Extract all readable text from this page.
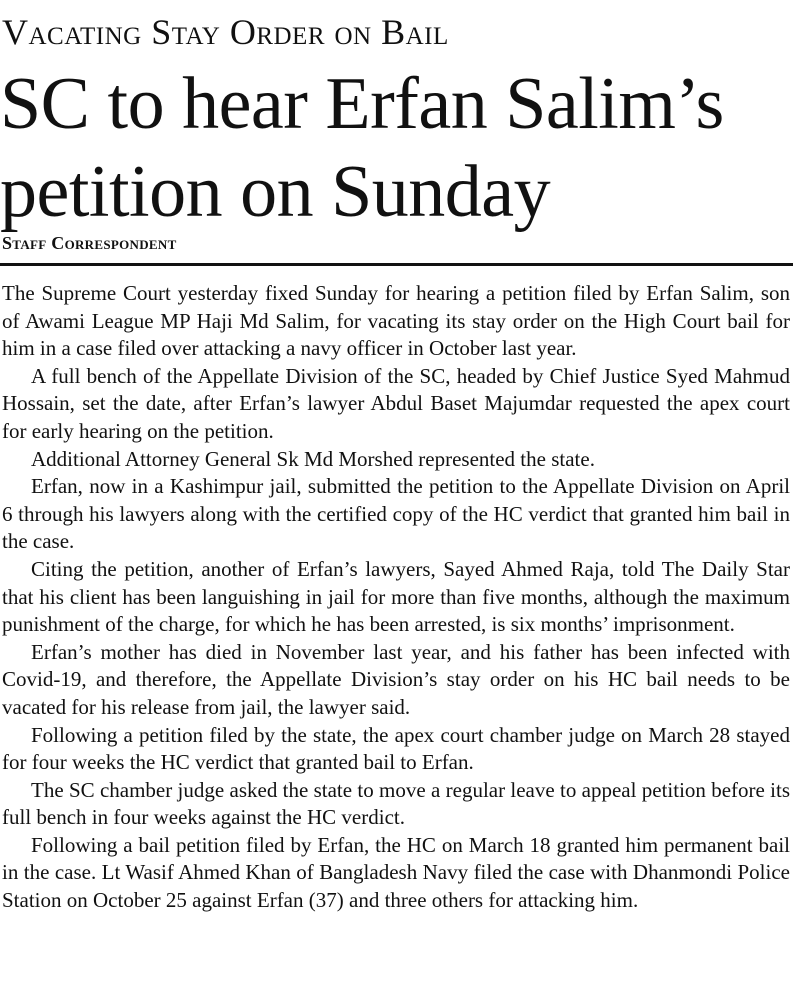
Vacating Stay Order on Bail
SC to hear Erfan Salim’s petition on Sunday
Staff Correspondent

The Supreme Court yesterday fixed Sunday for hearing a petition filed by Erfan Salim, son of Awami League MP Haji Md Salim, for vacating its stay order on the High Court bail for him in a case filed over attacking a navy officer in October last year.

A full bench of the Appellate Division of the SC, headed by Chief Justice Syed Mahmud Hossain, set the date, after Erfan’s lawyer Abdul Baset Majumdar requested the apex court for early hearing on the petition.

Additional Attorney General Sk Md Morshed represented the state.

Erfan, now in a Kashimpur jail, submitted the petition to the Appellate Division on April 6 through his lawyers along with the certified copy of the HC verdict that granted him bail in the case.

Citing the petition, another of Erfan’s lawyers, Sayed Ahmed Raja, told The Daily Star that his client has been languishing in jail for more than five months, although the maximum punishment of the charge, for which he has been arrested, is six months’ imprisonment.

Erfan’s mother has died in November last year, and his father has been infected with Covid-19, and therefore, the Appellate Division’s stay order on his HC bail needs to be vacated for his release from jail, the lawyer said.

Following a petition filed by the state, the apex court chamber judge on March 28 stayed for four weeks the HC verdict that granted bail to Erfan.

The SC chamber judge asked the state to move a regular leave to appeal petition before its full bench in four weeks against the HC verdict.

Following a bail petition filed by Erfan, the HC on March 18 granted him permanent bail in the case. Lt Wasif Ahmed Khan of Bangladesh Navy filed the case with Dhanmondi Police Station on October 25 against Erfan (37) and three others for attacking him.
